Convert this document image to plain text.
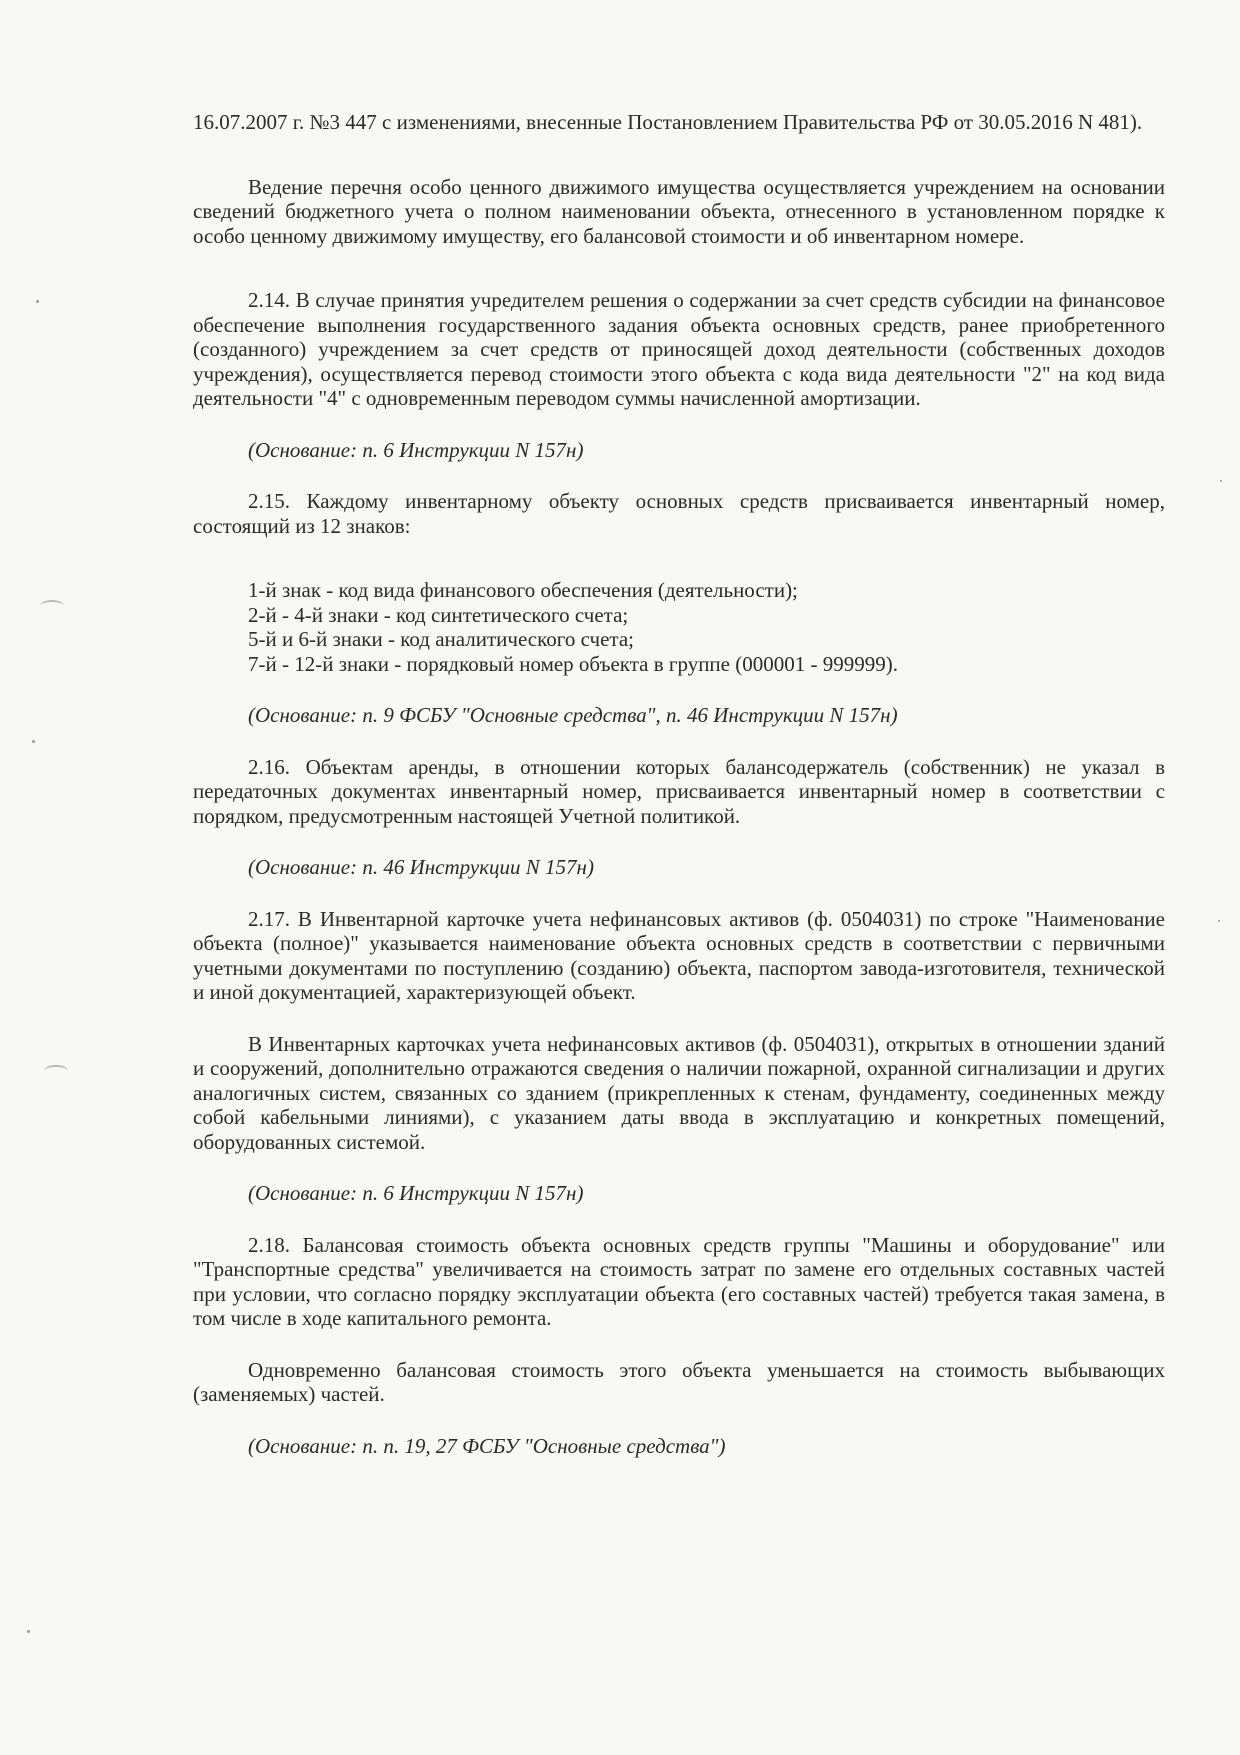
16.07.2007 г. №3 447 с изменениями, внесенные Постановлением Правительства РФ от 30.05.2016 N 481).

Ведение перечня особо ценного движимого имущества осуществляется учреждением на основании сведений бюджетного учета о полном наименовании объекта, отнесенного в установленном порядке к особо ценному движимому имуществу, его балансовой стоимости и об инвентарном номере.

2.14. В случае принятия учредителем решения о содержании за счет средств субсидии на финансовое обеспечение выполнения государственного задания объекта основных средств, ранее приобретенного (созданного) учреждением за счет средств от приносящей доход деятельности (собственных доходов учреждения), осуществляется перевод стоимости этого объекта с кода вида деятельности "2" на код вида деятельности "4" с одновременным переводом суммы начисленной амортизации.

(Основание: п. 6 Инструкции N 157н)

2.15. Каждому инвентарному объекту основных средств присваивается инвентарный номер, состоящий из 12 знаков:

1-й знак - код вида финансового обеспечения (деятельности);

2-й - 4-й знаки - код синтетического счета;

5-й и 6-й знаки - код аналитического счета;

7-й - 12-й знаки - порядковый номер объекта в группе (000001 - 999999).

(Основание: п. 9 ФСБУ "Основные средства", п. 46 Инструкции N 157н)

2.16. Объектам аренды, в отношении которых балансодержатель (собственник) не указал в передаточных документах инвентарный номер, присваивается инвентарный номер в соответствии с порядком, предусмотренным настоящей Учетной политикой.

(Основание: п. 46 Инструкции N 157н)

2.17. В Инвентарной карточке учета нефинансовых активов (ф. 0504031) по строке "Наименование объекта (полное)" указывается наименование объекта основных средств в соответствии с первичными учетными документами по поступлению (созданию) объекта, паспортом завода-изготовителя, технической и иной документацией, характеризующей объект.

В Инвентарных карточках учета нефинансовых активов (ф. 0504031), открытых в отношении зданий и сооружений, дополнительно отражаются сведения о наличии пожарной, охранной сигнализации и других аналогичных систем, связанных со зданием (прикрепленных к стенам, фундаменту, соединенных между собой кабельными линиями), с указанием даты ввода в эксплуатацию и конкретных помещений, оборудованных системой.

(Основание: п. 6 Инструкции N 157н)

2.18. Балансовая стоимость объекта основных средств группы "Машины и оборудование" или "Транспортные средства" увеличивается на стоимость затрат по замене его отдельных составных частей при условии, что согласно порядку эксплуатации объекта (его составных частей) требуется такая замена, в том числе в ходе капитального ремонта.

Одновременно балансовая стоимость этого объекта уменьшается на стоимость выбывающих (заменяемых) частей.

(Основание: п. п. 19, 27 ФСБУ "Основные средства")
